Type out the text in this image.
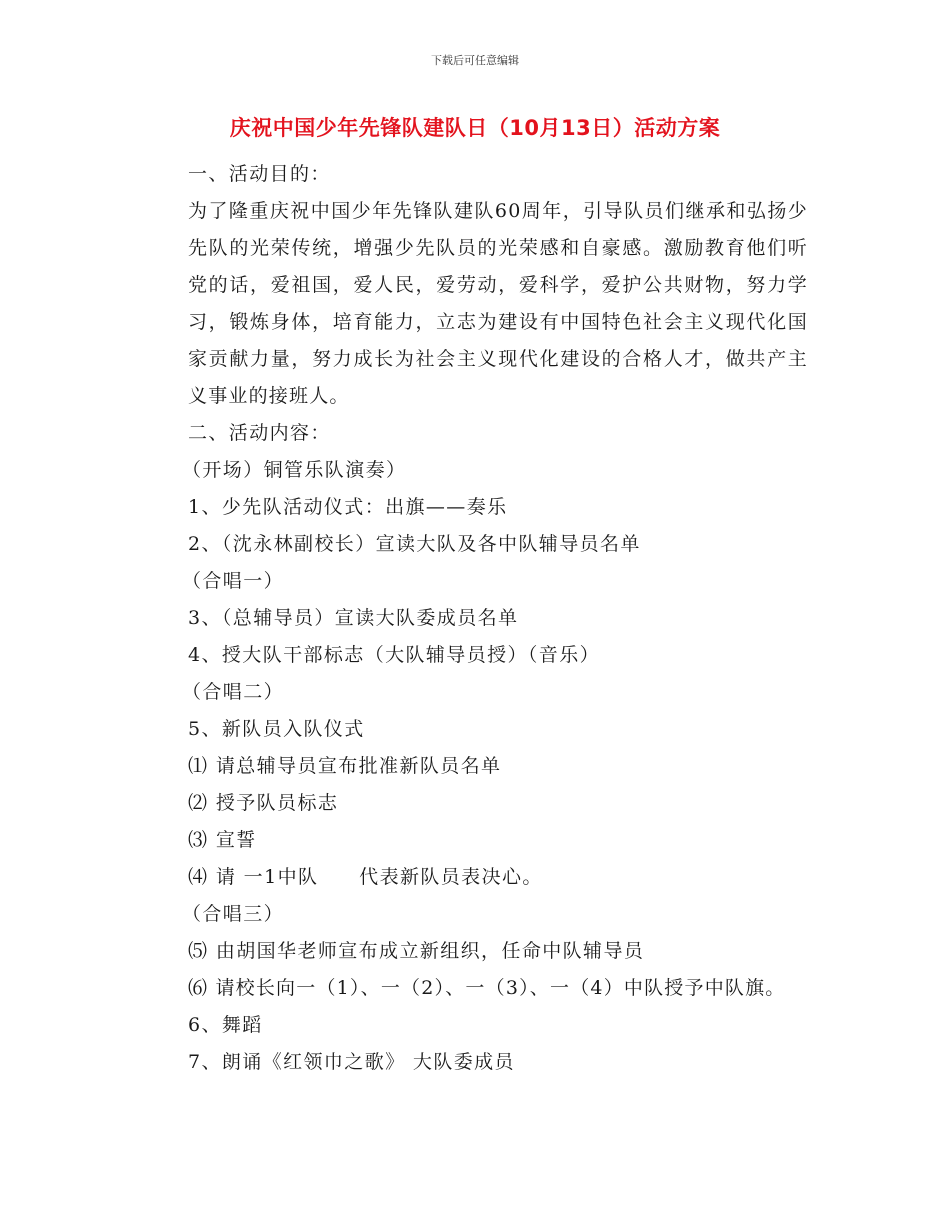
下载后可任意编辑
庆祝中国少年先锋队建队日（10月13日）活动方案

一、活动目的：

为了隆重庆祝中国少年先锋队建队60周年，引导队员们继承和弘扬少先队的光荣传统，增强少先队员的光荣感和自豪感。激励教育他们听党的话，爱祖国，爱人民，爱劳动，爱科学，爱护公共财物，努力学习，锻炼身体，培育能力，立志为建设有中国特色社会主义现代化国家贡献力量，努力成长为社会主义现代化建设的合格人才，做共产主义事业的接班人。

二、活动内容：

（开场）铜管乐队演奏）

1、少先队活动仪式：出旗——奏乐

2、（沈永林副校长）宣读大队及各中队辅导员名单

（合唱一）

3、（总辅导员）宣读大队委成员名单

4、授大队干部标志（大队辅导员授）（音乐）

（合唱二）

5、新队员入队仪式

⑴ 请总辅导员宣布批准新队员名单

⑵ 授予队员标志

⑶ 宣誓

⑷ 请 一1中队　　代表新队员表决心。

（合唱三）

⑸ 由胡国华老师宣布成立新组织，任命中队辅导员

⑹ 请校长向一（1）、一（2）、一（3）、一（4）中队授予中队旗。

6、舞蹈

7、朗诵《红领巾之歌》 大队委成员
